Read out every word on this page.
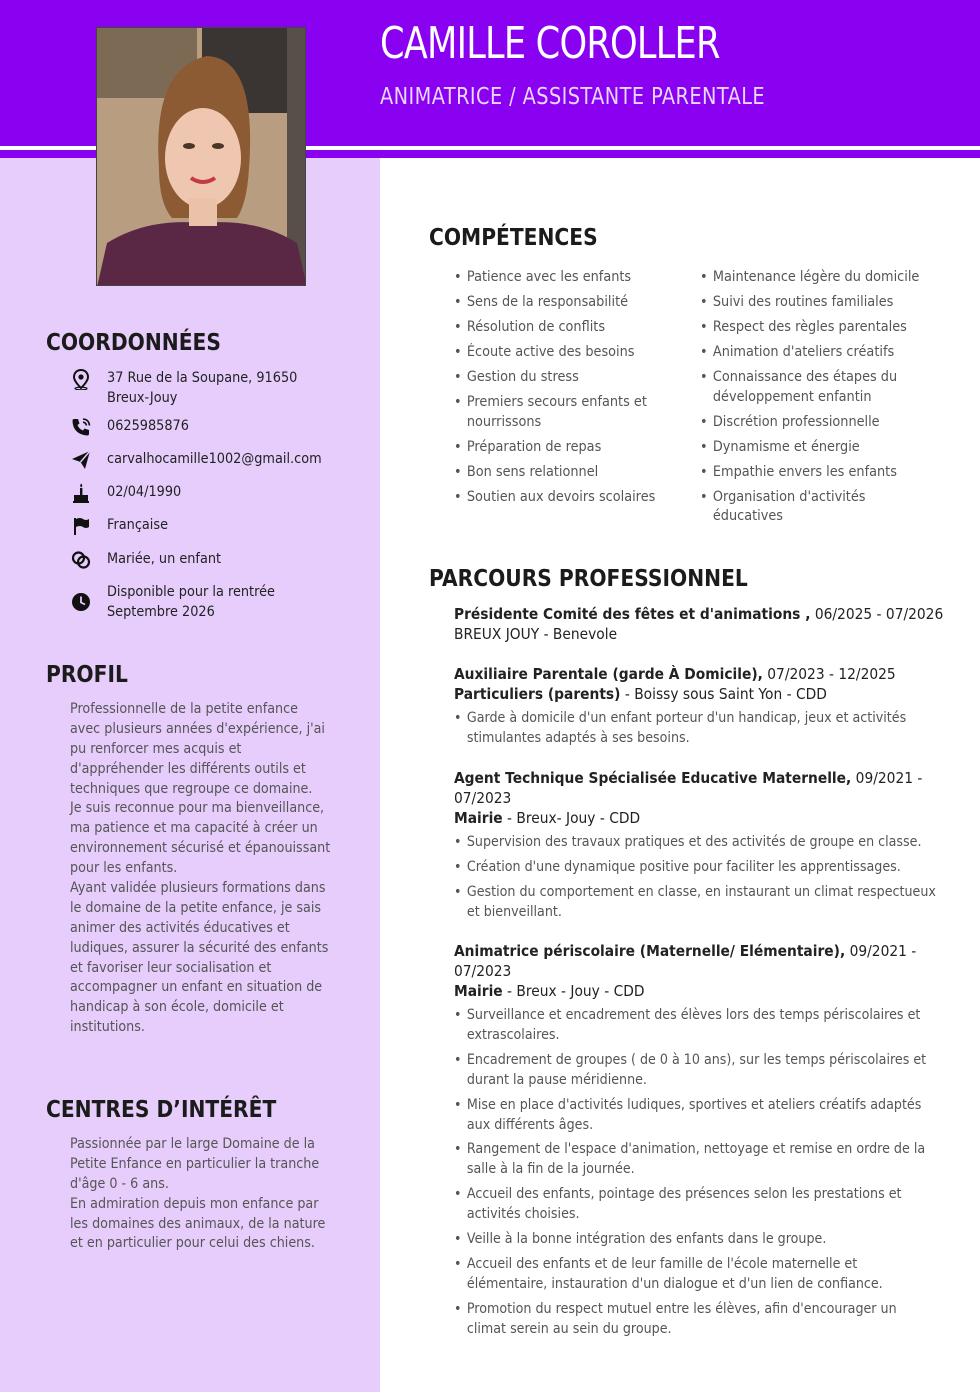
CAMILLE COROLLER
ANIMATRICE / ASSISTANTE PARENTALE
COORDONNÉES
37 Rue de la Soupane, 91650
Breux-Jouy
0625985876
carvalhocamille1002@gmail.com
02/04/1990
Française
Mariée, un enfant
Disponible pour la rentrée
Septembre 2026
PROFIL
Professionnelle de la petite enfance
avec plusieurs années d'expérience, j'ai
pu renforcer mes acquis et
d'appréhender les différents outils et
techniques que regroupe ce domaine.
Je suis reconnue pour ma bienveillance,
ma patience et ma capacité à créer un
environnement sécurisé et épanouissant
pour les enfants.
Ayant validée plusieurs formations dans
le domaine de la petite enfance, je sais
animer des activités éducatives et
ludiques, assurer la sécurité des enfants
et favoriser leur socialisation et
accompagner un enfant en situation de
handicap à son école, domicile et
institutions.
CENTRES D’INTÉRÊT
Passionnée par le large Domaine de la
Petite Enfance en particulier la tranche
d'âge 0 - 6 ans.
En admiration depuis mon enfance par
les domaines des animaux, de la nature
et en particulier pour celui des chiens.
COMPÉTENCES
• Patience avec les enfants
• Sens de la responsabilité
• Résolution de conflits
• Écoute active des besoins
• Gestion du stress
• Premiers secours enfants et
nourrissons
• Préparation de repas
• Bon sens relationnel
• Soutien aux devoirs scolaires
• Maintenance légère du domicile
• Suivi des routines familiales
• Respect des règles parentales
• Animation d'ateliers créatifs
• Connaissance des étapes du
développement enfantin
• Discrétion professionnelle
• Dynamisme et énergie
• Empathie envers les enfants
• Organisation d'activités
éducatives
PARCOURS PROFESSIONNEL
Présidente Comité des fêtes et d'animations , 06/2025 - 07/2026
BREUX JOUY - Benevole
Auxiliaire Parentale (garde À Domicile), 07/2023 - 12/2025
Particuliers (parents) - Boissy sous Saint Yon - CDD
• Garde à domicile d'un enfant porteur d'un handicap, jeux et activités
stimulantes adaptés à ses besoins.
Agent Technique Spécialisée Educative Maternelle, 09/2021 -
07/2023
Mairie - Breux- Jouy - CDD
• Supervision des travaux pratiques et des activités de groupe en classe.
• Création d'une dynamique positive pour faciliter les apprentissages.
• Gestion du comportement en classe, en instaurant un climat respectueux
et bienveillant.
Animatrice périscolaire (Maternelle/ Elémentaire), 09/2021 -
07/2023
Mairie - Breux - Jouy - CDD
• Surveillance et encadrement des élèves lors des temps périscolaires et
extrascolaires.
• Encadrement de groupes ( de 0 à 10 ans), sur les temps périscolaires et
durant la pause méridienne.
• Mise en place d'activités ludiques, sportives et ateliers créatifs adaptés
aux différents âges.
• Rangement de l'espace d'animation, nettoyage et remise en ordre de la
salle à la fin de la journée.
• Accueil des enfants, pointage des présences selon les prestations et
activités choisies.
• Veille à la bonne intégration des enfants dans le groupe.
• Accueil des enfants et de leur famille de l'école maternelle et
élémentaire, instauration d'un dialogue et d'un lien de confiance.
• Promotion du respect mutuel entre les élèves, afin d'encourager un
climat serein au sein du groupe.
